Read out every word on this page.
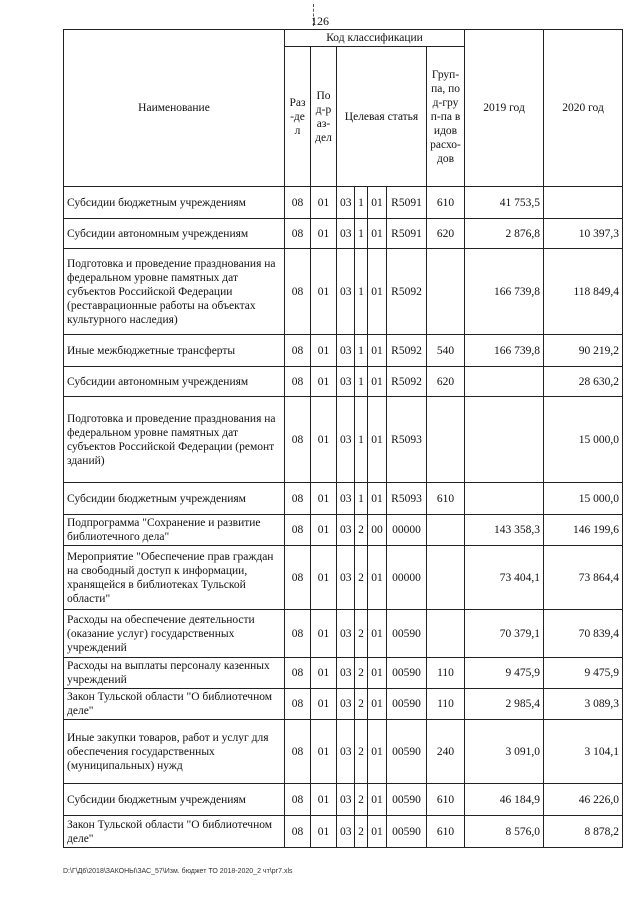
126
Наименование	Код классификации							2019 год	2020 год
	Раз-дел	Под-раз-дел	Целевая статья				Груп-па, под-груп-па видов расхо-дов		
Субсидии бюджетным учреждениям	08	01	03	1	01	R5091	610	41 753,5	
Субсидии автономным учреждениям	08	01	03	1	01	R5091	620	2 876,8	10 397,3
Подготовка и проведение празднования на федеральном уровне памятных дат субъектов Российской Федерации (реставрационные работы на объектах культурного наследия)	08	01	03	1	01	R5092		166 739,8	118 849,4
Иные межбюджетные трансферты	08	01	03	1	01	R5092	540	166 739,8	90 219,2
Субсидии автономным учреждениям	08	01	03	1	01	R5092	620		28 630,2
Подготовка и проведение празднования на федеральном уровне памятных дат субъектов Российской Федерации (ремонт зданий)	08	01	03	1	01	R5093			15 000,0
Субсидии бюджетным учреждениям	08	01	03	1	01	R5093	610		15 000,0
Подпрограмма "Сохранение и развитие библиотечного дела"	08	01	03	2	00	00000		143 358,3	146 199,6
Мероприятие "Обеспечение прав граждан на свободный доступ к информации, хранящейся в библиотеках Тульской области"	08	01	03	2	01	00000		73 404,1	73 864,4
Расходы на обеспечение деятельности (оказание услуг) государственных учреждений	08	01	03	2	01	00590		70 379,1	70 839,4
Расходы на выплаты персоналу казенных учреждений	08	01	03	2	01	00590	110	9 475,9	9 475,9
Закон Тульской области "О библиотечном деле"	08	01	03	2	01	00590	110	2 985,4	3 089,3
Иные закупки товаров, работ и услуг для обеспечения государственных (муниципальных) нужд	08	01	03	2	01	00590	240	3 091,0	3 104,1
Субсидии бюджетным учреждениям	08	01	03	2	01	00590	610	46 184,9	46 226,0
Закон Тульской области "О библиотечном деле"	08	01	03	2	01	00590	610	8 576,0	8 878,2
D:\Г\Д6\2018\ЗАКОНЫ\ЗАС_57\Изм. бюджет ТО 2018-2020_2 чт\рг7.xls
